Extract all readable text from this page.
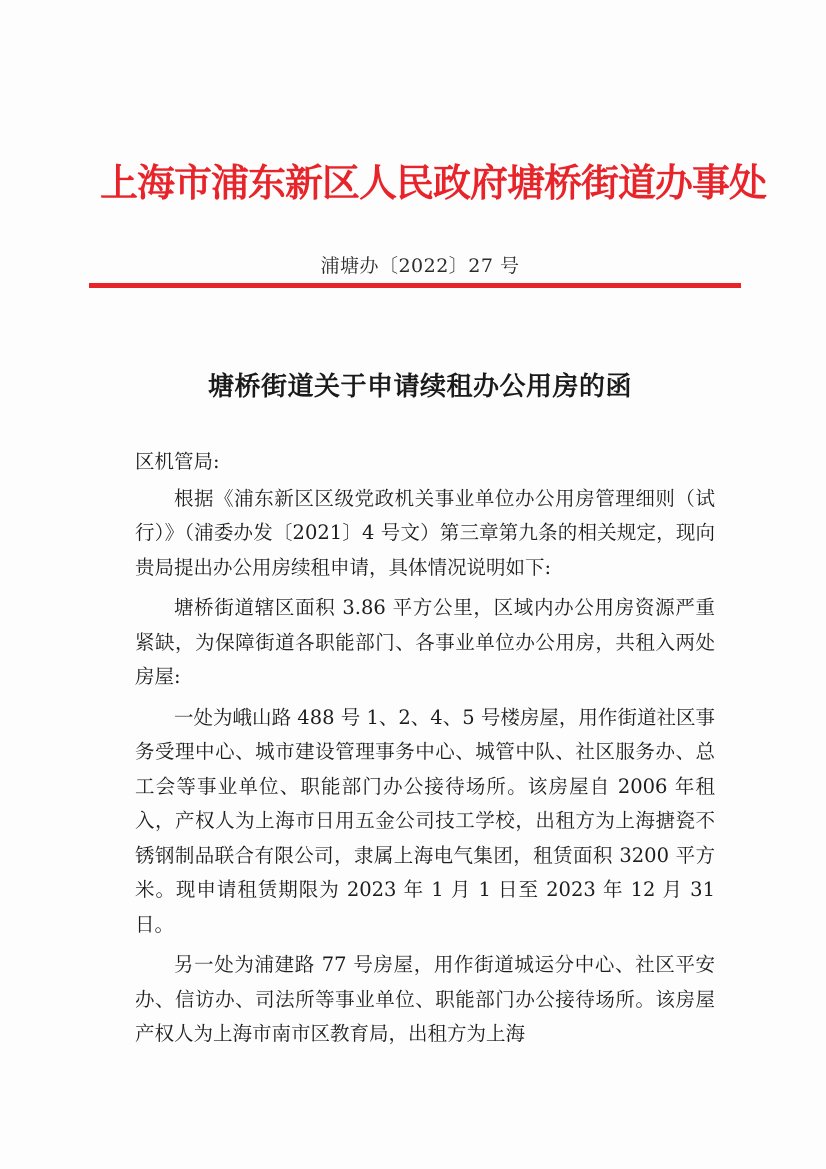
上海市浦东新区人民政府塘桥街道办事处
浦塘办〔2022〕27 号
塘桥街道关于申请续租办公用房的函

区机管局:

根据《浦东新区区级党政机关事业单位办公用房管理细则（试行）》（浦委办发〔2021〕4 号文）第三章第九条的相关规定，现向贵局提出办公用房续租申请，具体情况说明如下:

塘桥街道辖区面积 3.86 平方公里，区域内办公用房资源严重紧缺，为保障街道各职能部门、各事业单位办公用房，共租入两处房屋:

一处为峨山路 488 号 1、2、4、5 号楼房屋，用作街道社区事务受理中心、城市建设管理事务中心、城管中队、社区服务办、总工会等事业单位、职能部门办公接待场所。该房屋自 2006 年租入，产权人为上海市日用五金公司技工学校，出租方为上海搪瓷不锈钢制品联合有限公司，隶属上海电气集团，租赁面积 3200 平方米。现申请租赁期限为 2023 年 1 月 1 日至 2023 年 12 月 31 日。

另一处为浦建路 77 号房屋，用作街道城运分中心、社区平安办、信访办、司法所等事业单位、职能部门办公接待场所。该房屋产权人为上海市南市区教育局，出租方为上海
